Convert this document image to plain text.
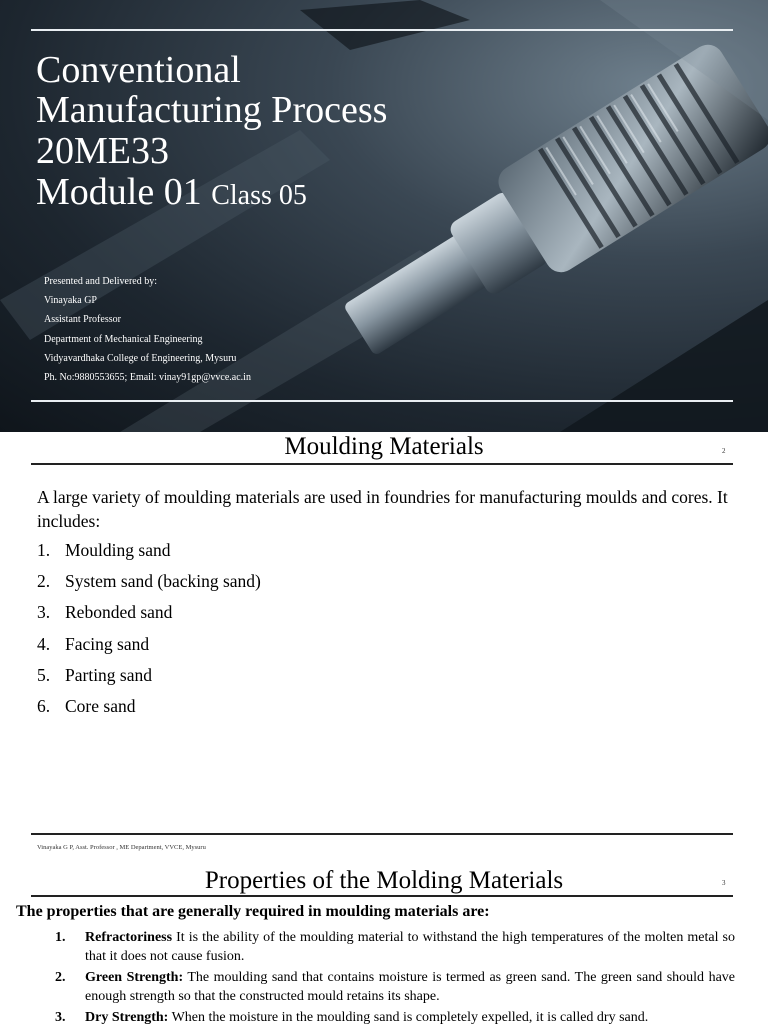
Conventional
Manufacturing Process
20ME33
Module 01 Class 05
Presented and Delivered by:
Vinayaka GP
Assistant Professor
Department of Mechanical Engineering
Vidyavardhaka College of Engineering, Mysuru
Ph. No:9880553655; Email: vinay91gp@vvce.ac.in
Moulding Materials	2
A large variety of moulding materials are used in foundries for manufacturing moulds and cores. It includes:
1. Moulding sand
2. System sand (backing sand)
3. Rebonded sand
4. Facing sand
5. Parting sand
6. Core sand
Vinayaka G P, Asst. Professor , ME Department, VVCE, Mysuru
Properties of the Molding Materials	3
The properties that are generally required in moulding materials are:
1.	Refractoriness It is the ability of the moulding material to withstand the high temperatures of the molten metal so that it does not cause fusion.
2.	Green Strength: The moulding sand that contains moisture is termed as green sand. The green sand should have enough strength so that the constructed mould retains its shape.
3.	Dry Strength: When the moisture in the moulding sand is completely expelled, it is called dry sand.
